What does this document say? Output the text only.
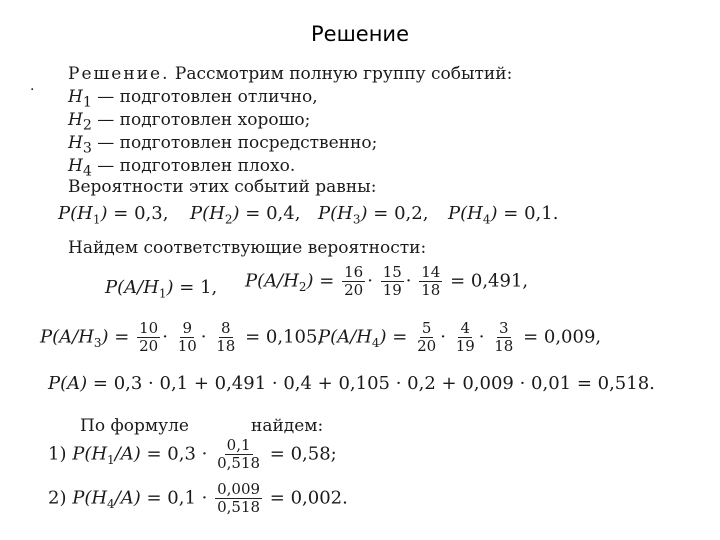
Решение
·
Решение. Рассмотрим полную группу событий:
$H_1$ — подготовлен отлично,
$H_2$ — подготовлен хорошо;
$H_3$ — подготовлен посредственно;
$H_4$ — подготовлен плохо.
Вероятности этих событий равны:
$P(H_1) = 0,3$, $P(H_2) = 0,4$, $P(H_3) = 0,2$, $P(H_4) = 0,1$.
Найдем соответствующие вероятности:
$P(A/H_1) = 1$, $P(A/H_2) = \frac{16}{20} \cdot \frac{15}{19} \cdot \frac{14}{18} = 0,491$,
$P(A/H_3) = \frac{10}{20} \cdot \frac{9}{10} \cdot \frac{8}{18} = 0,105$,
$P(A/H_4) = \frac{5}{20} \cdot \frac{4}{19} \cdot \frac{3}{18} = 0,009$,
P(A) = 0,3 · 0,1 + 0,491 · 0,4 + 0,105 · 0,2 + 0,009 · 0,01 = 0,518.
По формуле	найдем:
1) $P(H_1/A) = 0,3 \cdot \frac{0,1}{0,518} = 0,58$;
2) $P(H_4/A) = 0,1 \cdot \frac{0,009}{0,518} = 0,002$.
